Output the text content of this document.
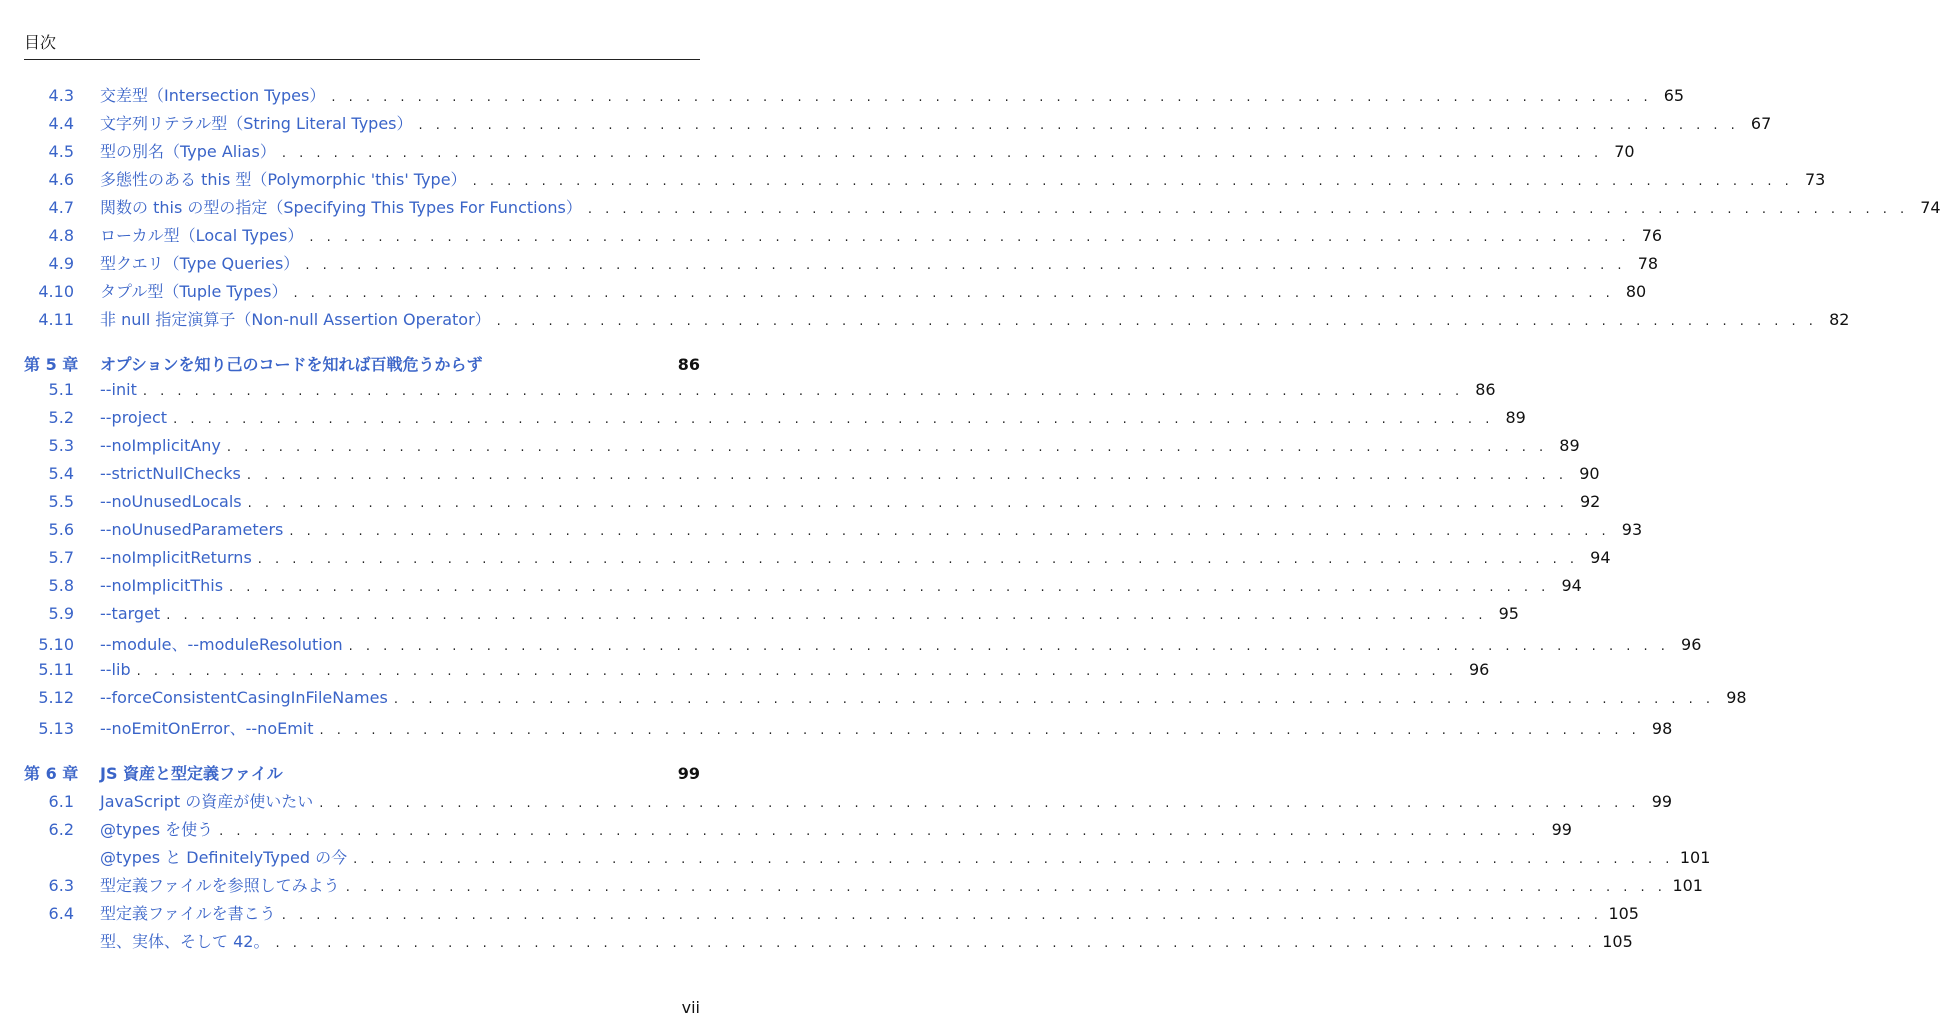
目次
4.3 交差型（Intersection Types） . . .	65
4.4 文字列リテラル型（String Literal Types） . . .	67
4.5 型の別名（Type Alias） . . .	70
4.6 多態性のある this 型（Polymorphic 'this' Type） . . .	73
4.7 関数の this の型の指定（Specifying This Types For Functions） . . .	74
4.8 ローカル型（Local Types） . . .	76
4.9 型クエリ（Type Queries） . . .	78
4.10 タプル型（Tuple Types） . . .	80
4.11 非 null 指定演算子（Non-null Assertion Operator） . . .	82
第 5 章	オプションを知り己のコードを知れば百戦危うからず	86
5.1 --init . . .	86
5.2 --project . . .	89
5.3 --noImplicitAny . . .	89
5.4 --strictNullChecks . . .	90
5.5 --noUnusedLocals . . .	92
5.6 --noUnusedParameters . . .	93
5.7 --noImplicitReturns . . .	94
5.8 --noImplicitThis . . .	94
5.9 --target . . .	95
5.10 --module、--moduleResolution . . .	96
5.11 --lib . . .	96
5.12 --forceConsistentCasingInFileNames . . .	98
5.13 --noEmitOnError、--noEmit . . .	98
第 6 章	JS 資産と型定義ファイル	99
6.1 JavaScript の資産が使いたい . . .	99
6.2 @types を使う . . .	99
@types と DefinitelyTyped の今 . . .	101
6.3 型定義ファイルを参照してみよう . . .	101
6.4 型定義ファイルを書こう . . .	105
型、実体、そして 42。 . . .	105
vii
